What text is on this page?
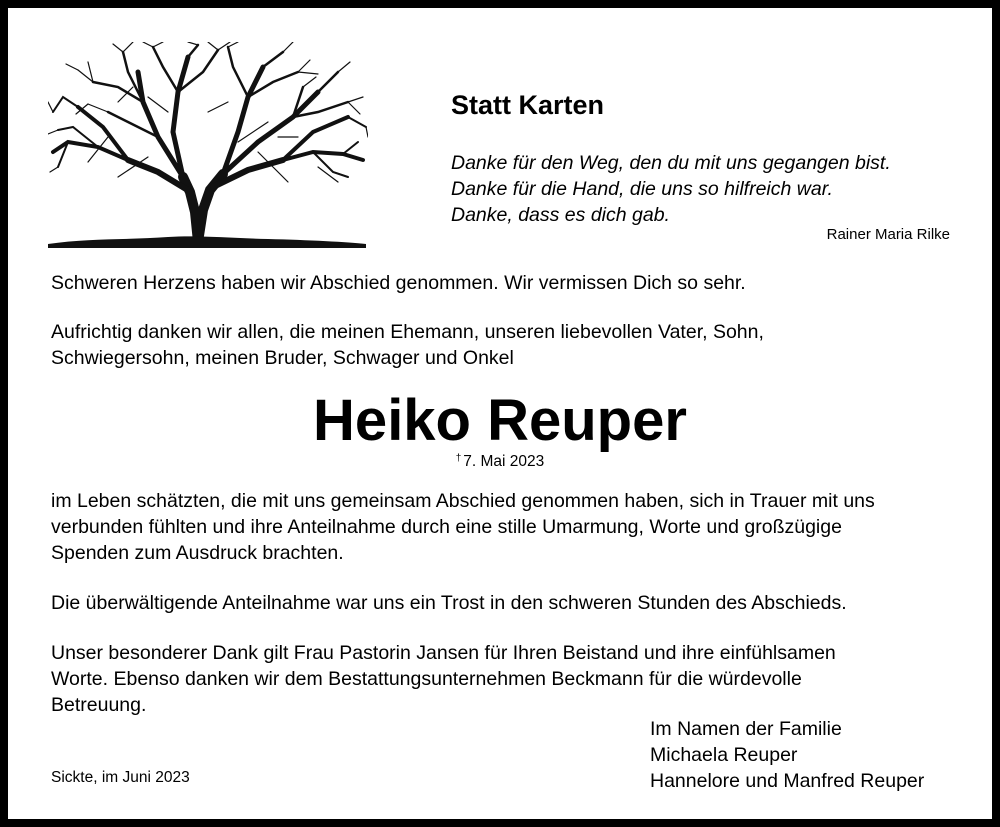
Statt Karten
Danke für den Weg, den du mit uns gegangen bist.
Danke für die Hand, die uns so hilfreich war.
Danke, dass es dich gab.
Rainer Maria Rilke
Schweren Herzens haben wir Abschied genommen. Wir vermissen Dich so sehr.
Aufrichtig danken wir allen, die meinen Ehemann, unseren liebevollen Vater, Sohn,
Schwiegersohn, meinen Bruder, Schwager und Onkel
Heiko Reuper
† 7. Mai 2023
im Leben schätzten, die mit uns gemeinsam Abschied genommen haben, sich in Trauer mit uns
verbunden fühlten und ihre Anteilnahme durch eine stille Umarmung, Worte und großzügige
Spenden zum Ausdruck brachten.
Die überwältigende Anteilnahme war uns ein Trost in den schweren Stunden des Abschieds.
Unser besonderer Dank gilt Frau Pastorin Jansen für Ihren Beistand und ihre einfühlsamen
Worte. Ebenso danken wir dem Bestattungsunternehmen Beckmann für die würdevolle
Betreuung.
Sickte, im Juni 2023
Im Namen der Familie
Michaela Reuper
Hannelore und Manfred Reuper
